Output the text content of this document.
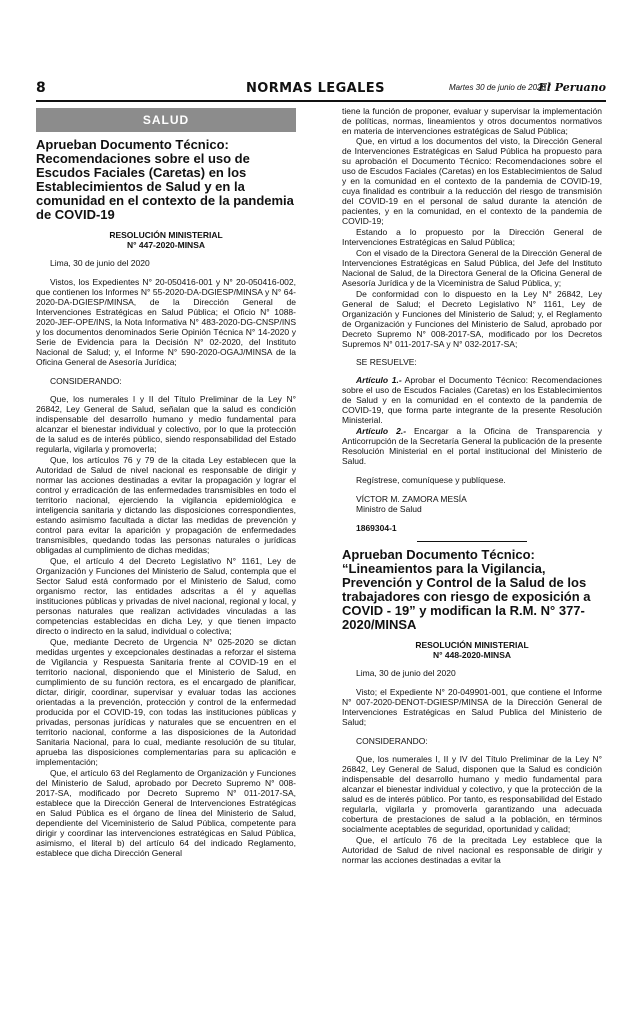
8	NORMAS LEGALES	Martes 30 de junio de 2020 /
El Peruano
SALUD
Aprueban Documento Técnico: Recomendaciones sobre el uso de Escudos Faciales (Caretas) en los Establecimientos de Salud y en la comunidad en el contexto de la pandemia de COVID-19
RESOLUCIÓN MINISTERIAL
N° 447-2020-MINSA
Lima, 30 de junio del 2020
Vistos, los Expedientes N° 20-050416-001 y N° 20-050416-002, que contienen los Informes N° 55-2020-DA-DGIESP/MINSA y N° 64-2020-DA-DGIESP/MINSA, de la Dirección General de Intervenciones Estratégicas en Salud Pública; el Oficio N° 1088-2020-JEF-OPE/INS, la Nota Informativa N° 483-2020-DG-CNSP/INS y los documentos denominados Serie Opinión Técnica N° 14-2020 y Serie de Evidencia para la Decisión N° 02-2020, del Instituto Nacional de Salud; y, el Informe N° 590-2020-OGAJ/MINSA de la Oficina General de Asesoría Jurídica;
CONSIDERANDO:
Que, los numerales I y II del Título Preliminar de la Ley N° 26842, Ley General de Salud, señalan que la salud es condición indispensable del desarrollo humano y medio fundamental para alcanzar el bienestar individual y colectivo, por lo que la protección de la salud es de interés público, siendo responsabilidad del Estado regularla, vigilarla y promoverla;
Que, los artículos 76 y 79 de la citada Ley establecen que la Autoridad de Salud de nivel nacional es responsable de dirigir y normar las acciones destinadas a evitar la propagación y lograr el control y erradicación de las enfermedades transmisibles en todo el territorio nacional, ejerciendo la vigilancia epidemiológica e inteligencia sanitaria y dictando las disposiciones correspondientes, estando asimismo facultada a dictar las medidas de prevención y control para evitar la aparición y propagación de enfermedades transmisibles, quedando todas las personas naturales o jurídicas obligadas al cumplimiento de dichas medidas;
Que, el artículo 4 del Decreto Legislativo N° 1161, Ley de Organización y Funciones del Ministerio de Salud, contempla que el Sector Salud está conformado por el Ministerio de Salud, como organismo rector, las entidades adscritas a él y aquellas instituciones públicas y privadas de nivel nacional, regional y local, y personas naturales que realizan actividades vinculadas a las competencias establecidas en dicha Ley, y que tienen impacto directo o indirecto en la salud, individual o colectiva;
Que, mediante Decreto de Urgencia N° 025-2020 se dictan medidas urgentes y excepcionales destinadas a reforzar el sistema de Vigilancia y Respuesta Sanitaria frente al COVID-19 en el territorio nacional, disponiendo que el Ministerio de Salud, en cumplimiento de su función rectora, es el encargado de planificar, dictar, dirigir, coordinar, supervisar y evaluar todas las acciones orientadas a la prevención, protección y control de la enfermedad producida por el COVID-19, con todas las instituciones públicas y privadas, personas jurídicas y naturales que se encuentren en el territorio nacional, conforme a las disposiciones de la Autoridad Sanitaria Nacional, para lo cual, mediante resolución de su titular, aprueba las disposiciones complementarias para su aplicación e implementación;
Que, el artículo 63 del Reglamento de Organización y Funciones del Ministerio de Salud, aprobado por Decreto Supremo N° 008-2017-SA, modificado por Decreto Supremo N° 011-2017-SA, establece que la Dirección General de Intervenciones Estratégicas en Salud Pública es el órgano de línea del Ministerio de Salud, dependiente del Viceministerio de Salud Pública, competente para dirigir y coordinar las intervenciones estratégicas en Salud Pública, asimismo, el literal b) del artículo 64 del indicado Reglamento, establece que dicha Dirección General
tiene la función de proponer, evaluar y supervisar la implementación de políticas, normas, lineamientos y otros documentos normativos en materia de intervenciones estratégicas de Salud Pública;
Que, en virtud a los documentos del visto, la Dirección General de Intervenciones Estratégicas en Salud Pública ha propuesto para su aprobación el Documento Técnico: Recomendaciones sobre el uso de Escudos Faciales (Caretas) en los Establecimientos de Salud y en la comunidad en el contexto de la pandemia de COVID-19, cuya finalidad es contribuir a la reducción del riesgo de transmisión del COVID-19 en el personal de salud durante la atención de pacientes, y en la comunidad, en el contexto de la pandemia de COVID-19;
Estando a lo propuesto por la Dirección General de Intervenciones Estratégicas en Salud Pública;
Con el visado de la Directora General de la Dirección General de Intervenciones Estratégicas en Salud Pública, del Jefe del Instituto Nacional de Salud, de la Directora General de la Oficina General de Asesoría Jurídica y de la Viceministra de Salud Pública, y;
De conformidad con lo dispuesto en la Ley N° 26842, Ley General de Salud; el Decreto Legislativo N° 1161, Ley de Organización y Funciones del Ministerio de Salud; y, el Reglamento de Organización y Funciones del Ministerio de Salud, aprobado por Decreto Supremo N° 008-2017-SA, modificado por los Decretos Supremos N° 011-2017-SA y N° 032-2017-SA;
SE RESUELVE:
Artículo 1.- Aprobar el Documento Técnico: Recomendaciones sobre el uso de Escudos Faciales (Caretas) en los Establecimientos de Salud y en la comunidad en el contexto de la pandemia de COVID-19, que forma parte integrante de la presente Resolución Ministerial.
Artículo 2.- Encargar a la Oficina de Transparencia y Anticorrupción de la Secretaría General la publicación de la presente Resolución Ministerial en el portal institucional del Ministerio de Salud.
Regístrese, comuníquese y publíquese.
VÍCTOR M. ZAMORA MESÍA
Ministro de Salud
1869304-1
Aprueban Documento Técnico: “Lineamientos para la Vigilancia, Prevención y Control de la Salud de los trabajadores con riesgo de exposición a COVID - 19” y modifican la R.M. N° 377-2020/MINSA
RESOLUCIÓN MINISTERIAL
N° 448-2020-MINSA
Lima, 30 de junio del 2020
Visto; el Expediente N° 20-049901-001, que contiene el Informe N° 007-2020-DENOT-DGIESP/MINSA de la Dirección General de Intervenciones Estratégicas en Salud Publica del Ministerio de Salud;
CONSIDERANDO:
Que, los numerales I, II y IV del Título Preliminar de la Ley N° 26842, Ley General de Salud, disponen que la Salud es condición indispensable del desarrollo humano y medio fundamental para alcanzar el bienestar individual y colectivo, y que la protección de la salud es de interés público. Por tanto, es responsabilidad del Estado regularla, vigilarla y promoverla garantizando una adecuada cobertura de prestaciones de salud a la población, en términos socialmente aceptables de seguridad, oportunidad y calidad;
Que, el artículo 76 de la precitada Ley establece que la Autoridad de Salud de nivel nacional es responsable de dirigir y normar las acciones destinadas a evitar la
